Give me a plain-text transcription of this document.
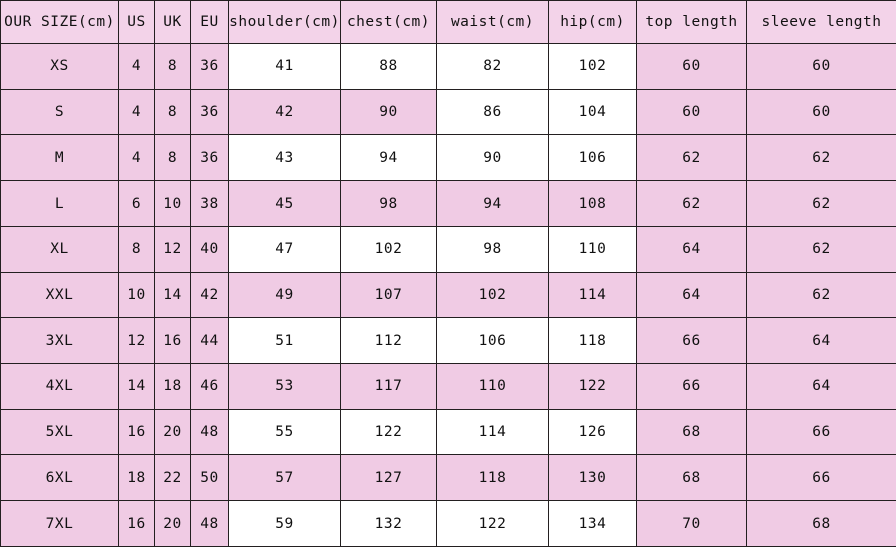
OUR SIZE(cm)	US	UK	EU	shoulder(cm)	chest(cm)	waist(cm)	hip(cm)	top length	sleeve length
XS	4	8	36	41	88	82	102	60	60
S	4	8	36	42	90	86	104	60	60
M	4	8	36	43	94	90	106	62	62
L	6	10	38	45	98	94	108	62	62
XL	8	12	40	47	102	98	110	64	62
XXL	10	14	42	49	107	102	114	64	62
3XL	12	16	44	51	112	106	118	66	64
4XL	14	18	46	53	117	110	122	66	64
5XL	16	20	48	55	122	114	126	68	66
6XL	18	22	50	57	127	118	130	68	66
7XL	16	20	48	59	132	122	134	70	68
